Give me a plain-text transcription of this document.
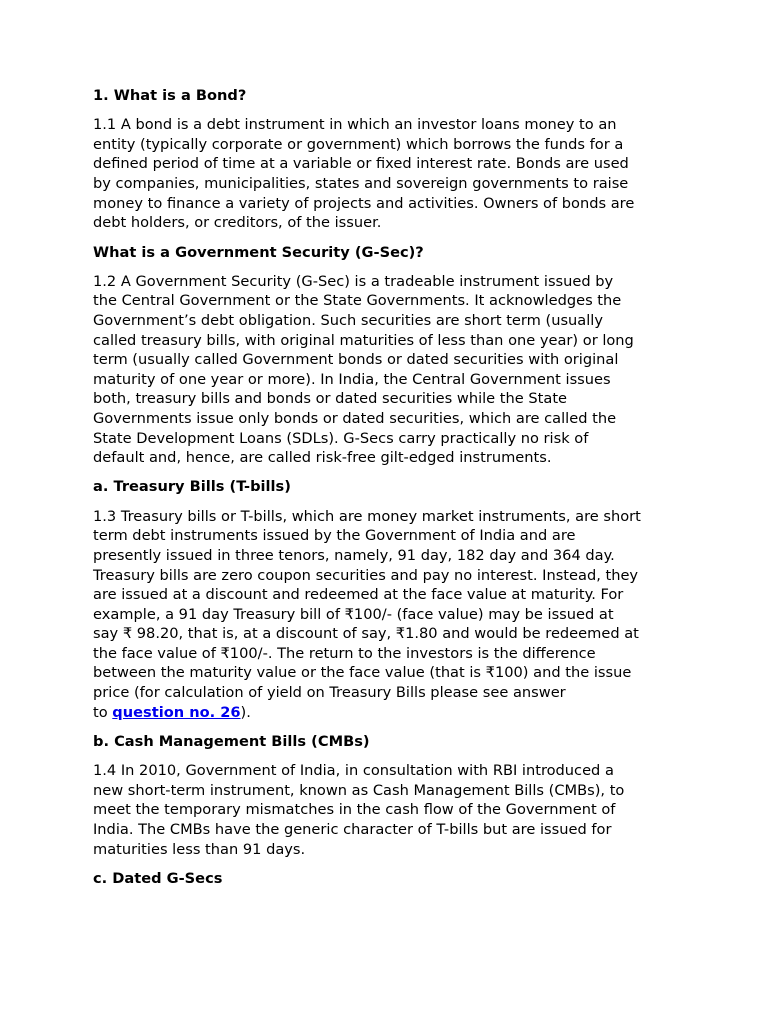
1. What is a Bond?

1.1 A bond is a debt instrument in which an investor loans money to an
entity (typically corporate or government) which borrows the funds for a
defined period of time at a variable or fixed interest rate. Bonds are used
by companies, municipalities, states and sovereign governments to raise
money to finance a variety of projects and activities. Owners of bonds are
debt holders, or creditors, of the issuer.

What is a Government Security (G-Sec)?

1.2 A Government Security (G-Sec) is a tradeable instrument issued by
the Central Government or the State Governments. It acknowledges the
Government’s debt obligation. Such securities are short term (usually
called treasury bills, with original maturities of less than one year) or long
term (usually called Government bonds or dated securities with original
maturity of one year or more). In India, the Central Government issues
both, treasury bills and bonds or dated securities while the State
Governments issue only bonds or dated securities, which are called the
State Development Loans (SDLs). G-Secs carry practically no risk of
default and, hence, are called risk-free gilt-edged instruments.

a. Treasury Bills (T-bills)

1.3 Treasury bills or T-bills, which are money market instruments, are short
term debt instruments issued by the Government of India and are
presently issued in three tenors, namely, 91 day, 182 day and 364 day.
Treasury bills are zero coupon securities and pay no interest. Instead, they
are issued at a discount and redeemed at the face value at maturity. For
example, a 91 day Treasury bill of ₹100/- (face value) may be issued at
say ₹ 98.20, that is, at a discount of say, ₹1.80 and would be redeemed at
the face value of ₹100/-. The return to the investors is the difference
between the maturity value or the face value (that is ₹100) and the issue
price (for calculation of yield on Treasury Bills please see answer
to question no. 26).

b. Cash Management Bills (CMBs)

1.4 In 2010, Government of India, in consultation with RBI introduced a
new short-term instrument, known as Cash Management Bills (CMBs), to
meet the temporary mismatches in the cash flow of the Government of
India. The CMBs have the generic character of T-bills but are issued for
maturities less than 91 days.

c. Dated G-Secs
